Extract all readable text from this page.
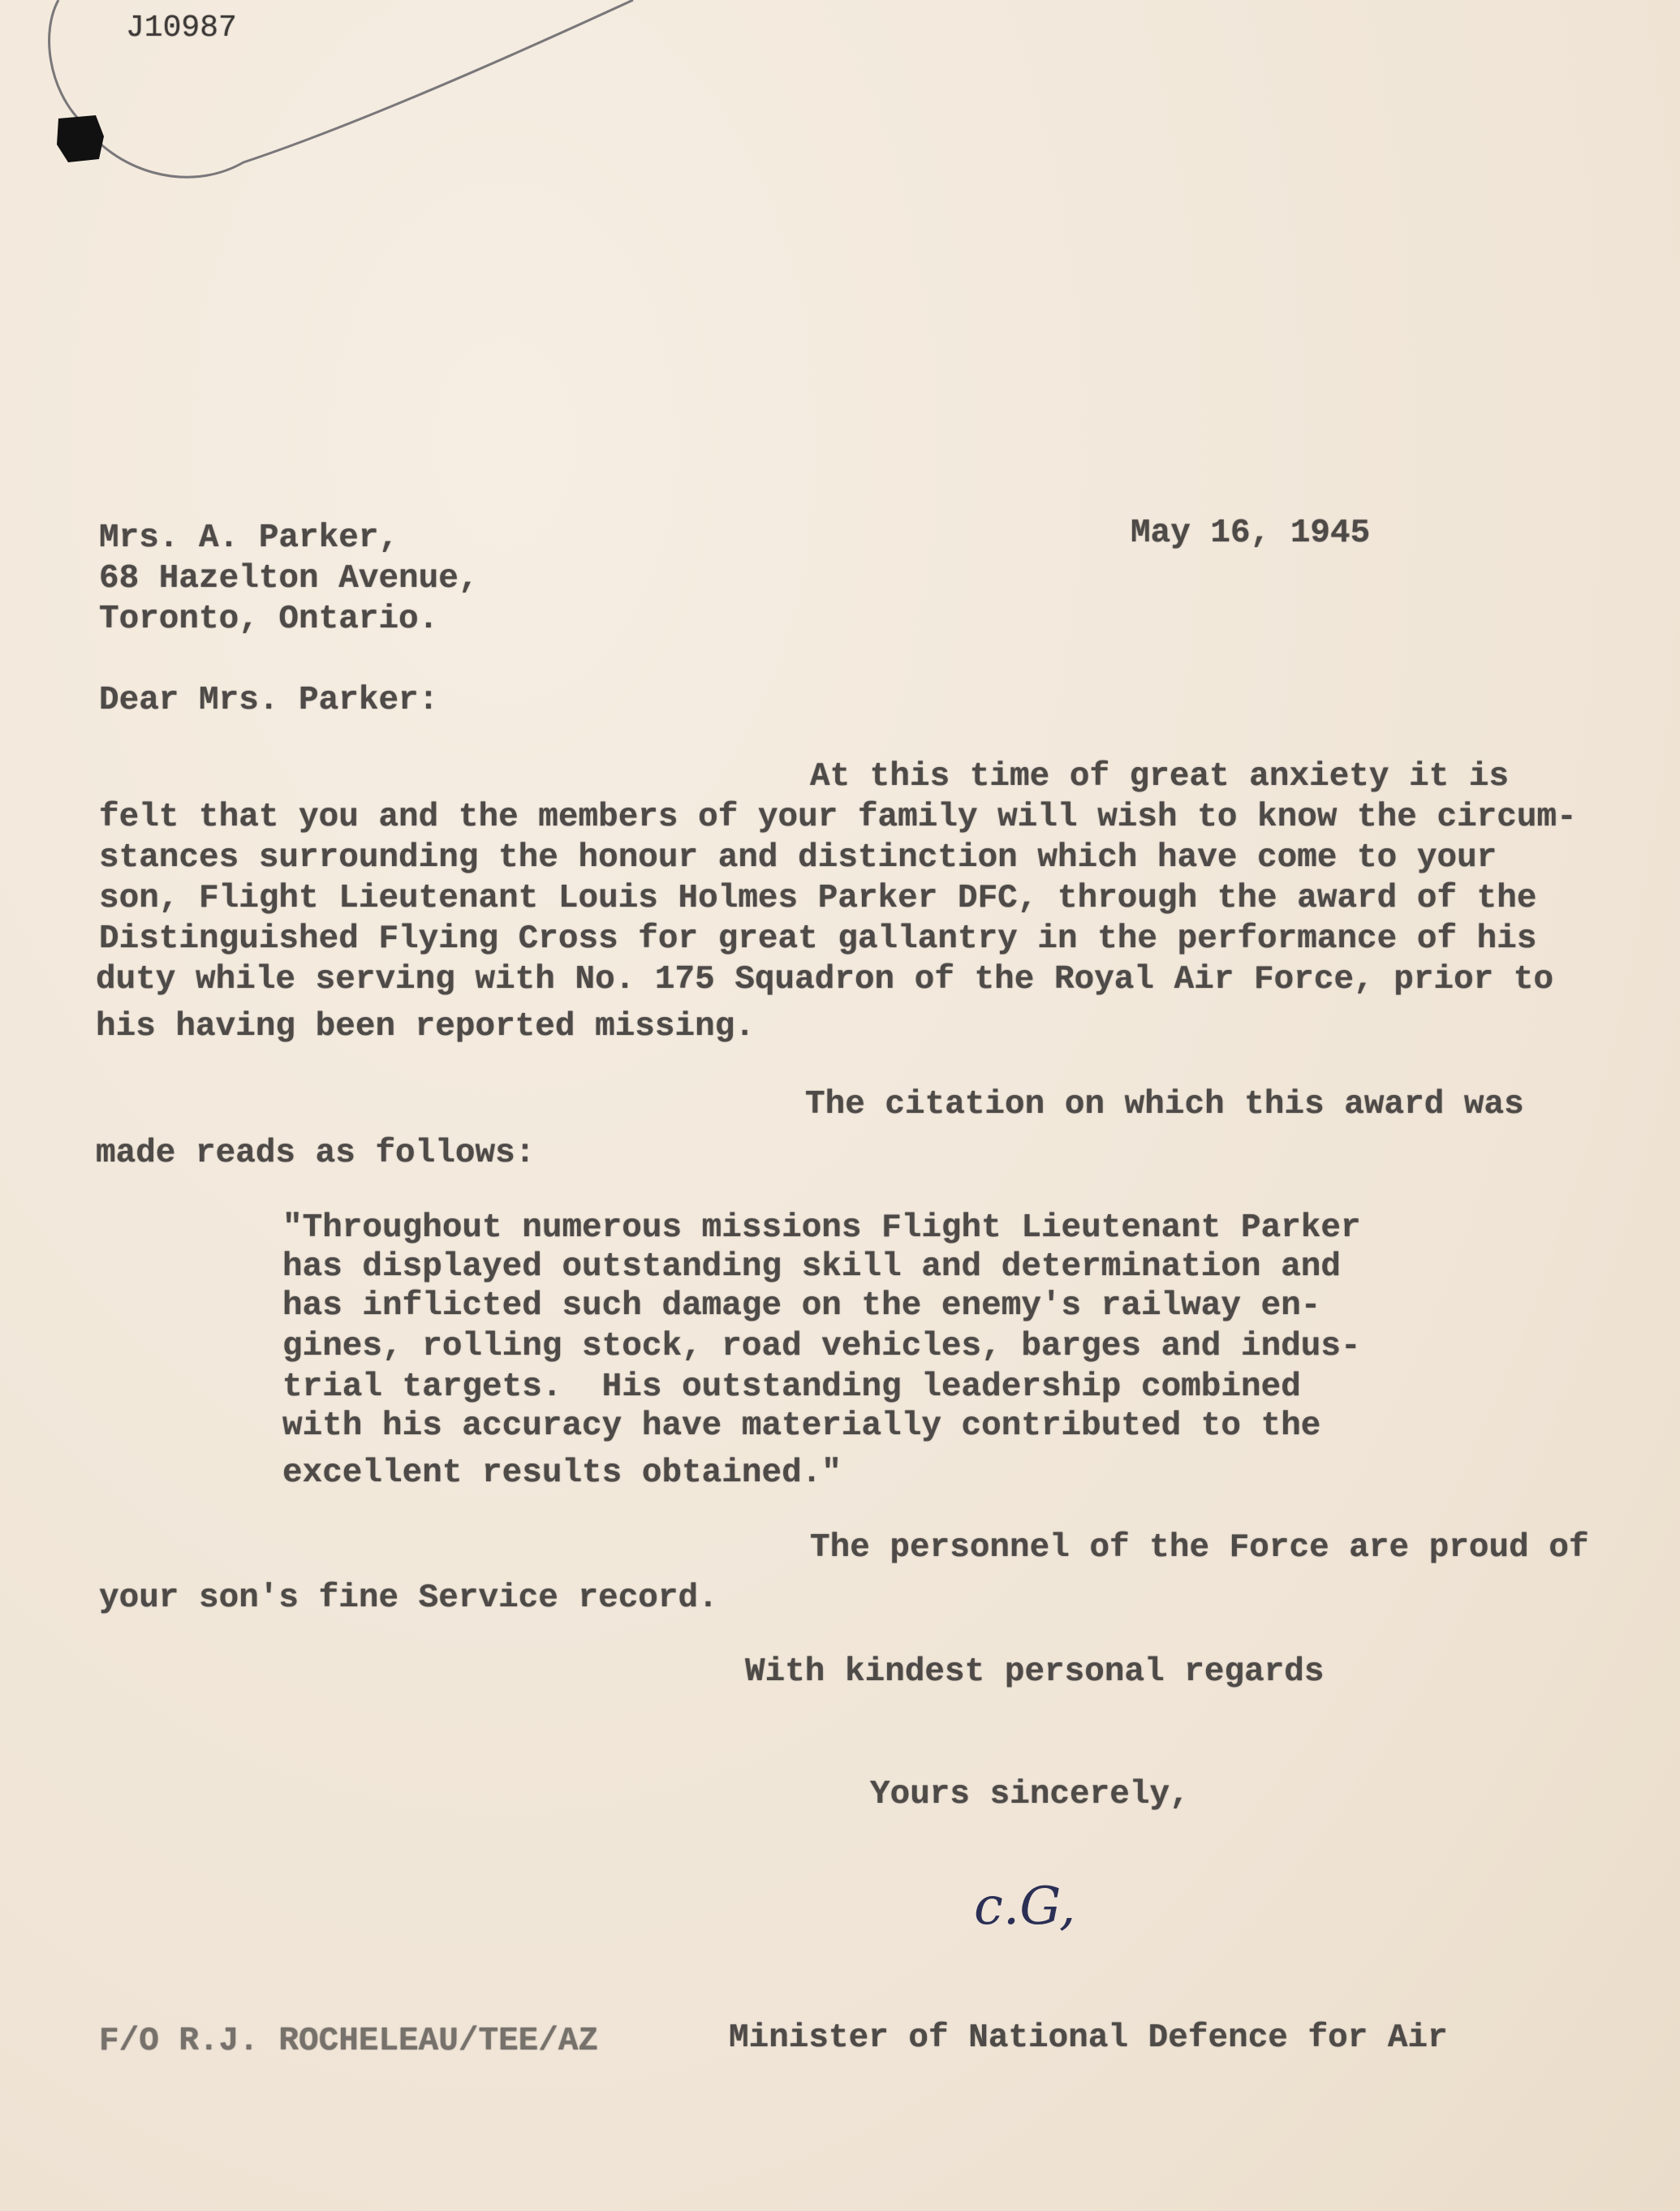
c.G,
J10987
May 16, 1945
Mrs. A. Parker,
68 Hazelton Avenue,
Toronto, Ontario.
Dear Mrs. Parker:
At this time of great anxiety it is
felt that you and the members of your family will wish to know the circum-
stances surrounding the honour and distinction which have come to your
son, Flight Lieutenant Louis Holmes Parker DFC, through the award of the
Distinguished Flying Cross for great gallantry in the performance of his
duty while serving with No. 175 Squadron of the Royal Air Force, prior to
his having been reported missing.
The citation on which this award was
made reads as follows:
"Throughout numerous missions Flight Lieutenant Parker
has displayed outstanding skill and determination and
has inflicted such damage on the enemy's railway en-
gines, rolling stock, road vehicles, barges and indus-
trial targets.  His outstanding leadership combined
with his accuracy have materially contributed to the
excellent results obtained."
The personnel of the Force are proud of
your son's fine Service record.
With kindest personal regards
Yours sincerely,
F/O R.J. ROCHELEAU/TEE/AZ	Minister of National Defence for Air
